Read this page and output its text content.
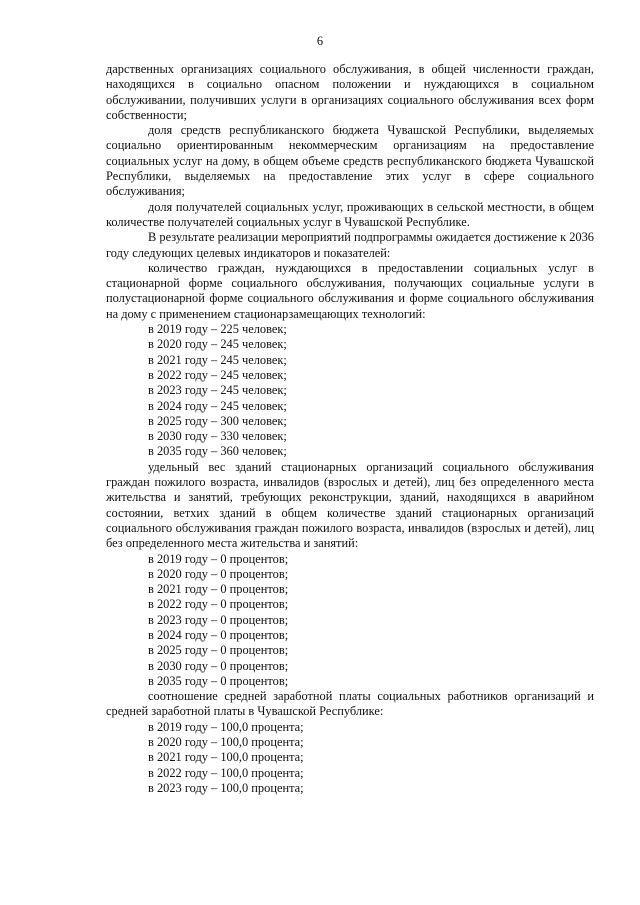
6

дарственных организациях социального обслуживания, в общей численности граждан, находящихся в социально опасном положении и нуждающихся в социальном обслуживании, получивших услуги в организациях социального обслуживания всех форм собственности;

доля средств республиканского бюджета Чувашской Республики, выделяемых социально ориентированным некоммерческим организациям на предоставление социальных услуг на дому, в общем объеме средств республиканского бюджета Чувашской Республики, выделяемых на предоставление этих услуг в сфере социального обслуживания;

доля получателей социальных услуг, проживающих в сельской местности, в общем количестве получателей социальных услуг в Чувашской Республике.

В результате реализации мероприятий подпрограммы ожидается достижение к 2036 году следующих целевых индикаторов и показателей:

количество граждан, нуждающихся в предоставлении социальных услуг в стационарной форме социального обслуживания, получающих социальные услуги в полустационарной форме социального обслуживания и форме социального обслуживания на дому с применением стационарзамещающих технологий:

в 2019 году – 225 человек;

в 2020 году – 245 человек;

в 2021 году – 245 человек;

в 2022 году – 245 человек;

в 2023 году – 245 человек;

в 2024 году – 245 человек;

в 2025 году – 300 человек;

в 2030 году – 330 человек;

в 2035 году – 360 человек;

удельный вес зданий стационарных организаций социального обслуживания граждан пожилого возраста, инвалидов (взрослых и детей), лиц без определенного места жительства и занятий, требующих реконструкции, зданий, находящихся в аварийном состоянии, ветхих зданий в общем количестве зданий стационарных организаций социального обслуживания граждан пожилого возраста, инвалидов (взрослых и детей), лиц без определенного места жительства и занятий:

в 2019 году – 0 процентов;

в 2020 году – 0 процентов;

в 2021 году – 0 процентов;

в 2022 году – 0 процентов;

в 2023 году – 0 процентов;

в 2024 году – 0 процентов;

в 2025 году – 0 процентов;

в 2030 году – 0 процентов;

в 2035 году – 0 процентов;

соотношение средней заработной платы социальных работников организаций и средней заработной платы в Чувашской Республике:

в 2019 году – 100,0 процента;

в 2020 году – 100,0 процента;

в 2021 году – 100,0 процента;

в 2022 году – 100,0 процента;

в 2023 году – 100,0 процента;
